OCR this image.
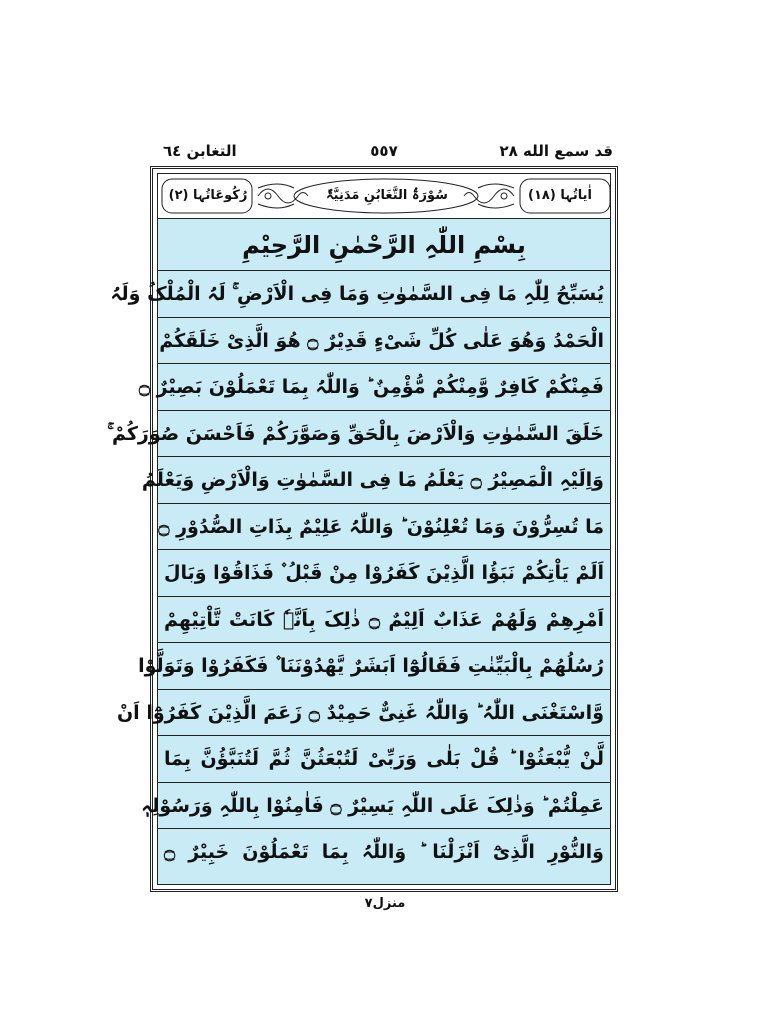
قد سمع الله ٢٨
٥٥٧
التغابن ٦٤
اٰیاتُہا (١٨)
سُوْرَۃُ التَّغَابُنِ مَدَنِیَّۃٌ
رُکُوعَاتُہا (٢)
بِسْمِ اللّٰہِ الرَّحْمٰنِ الرَّحِیْمِ
یُسَبِّحُ لِلّٰہِ مَا فِی السَّمٰوٰتِ وَمَا فِی الْاَرْضِ ۚ لَہُ الْمُلْکُ وَلَہُ
الْحَمْدُ وَھُوَ عَلٰی کُلِّ شَیْءٍ قَدِیْرٌ ۝ ھُوَ الَّذِیْ خَلَقَکُمْ
فَمِنْکُمْ کَافِرٌ وَّمِنْکُمْ مُّؤْمِنٌ ؕ وَاللّٰہُ بِمَا تَعْمَلُوْنَ بَصِیْرٌ ۝
خَلَقَ السَّمٰوٰتِ وَالْاَرْضَ بِالْحَقِّ وَصَوَّرَکُمْ فَاَحْسَنَ صُوَرَکُمْ ۚ
وَاِلَیْہِ الْمَصِیْرُ ۝ یَعْلَمُ مَا فِی السَّمٰوٰتِ وَالْاَرْضِ وَیَعْلَمُ
مَا تُسِرُّوْنَ وَمَا تُعْلِنُوْنَ ؕ وَاللّٰہُ عَلِیْمٌ بِذَاتِ الصُّدُوْرِ ۝
اَلَمْ یَاْتِکُمْ نَبَؤُا الَّذِیْنَ کَفَرُوْا مِنْ قَبْلُ ۫ فَذَاقُوْا وَبَالَ
اَمْرِھِمْ وَلَھُمْ عَذَابٌ اَلِیْمٌ ۝ ذٰلِکَ بِاَنَّہٗ کَانَتْ تَّاْتِیْھِمْ
رُسُلُھُمْ بِالْبَیِّنٰتِ فَقَالُوْٓا اَبَشَرٌ یَّھْدُوْنَنَا ۫ فَکَفَرُوْا وَتَوَلَّوْا
وَّاسْتَغْنَی اللّٰہُ ؕ وَاللّٰہُ غَنِیٌّ حَمِیْدٌ ۝ زَعَمَ الَّذِیْنَ کَفَرُوْٓا اَنْ
لَّنْ یُّبْعَثُوْا ؕ قُلْ بَلٰی وَرَبِّیْ لَتُبْعَثُنَّ ثُمَّ لَتُنَبَّؤُنَّ بِمَا
عَمِلْتُمْ ؕ وَذٰلِکَ عَلَی اللّٰہِ یَسِیْرٌ ۝ فَاٰمِنُوْا بِاللّٰہِ وَرَسُوْلِہٖ
وَالنُّوْرِ الَّذِیْٓ اَنْزَلْنَا ؕ وَاللّٰہُ بِمَا تَعْمَلُوْنَ خَبِیْرٌ ۝
منزل۷
